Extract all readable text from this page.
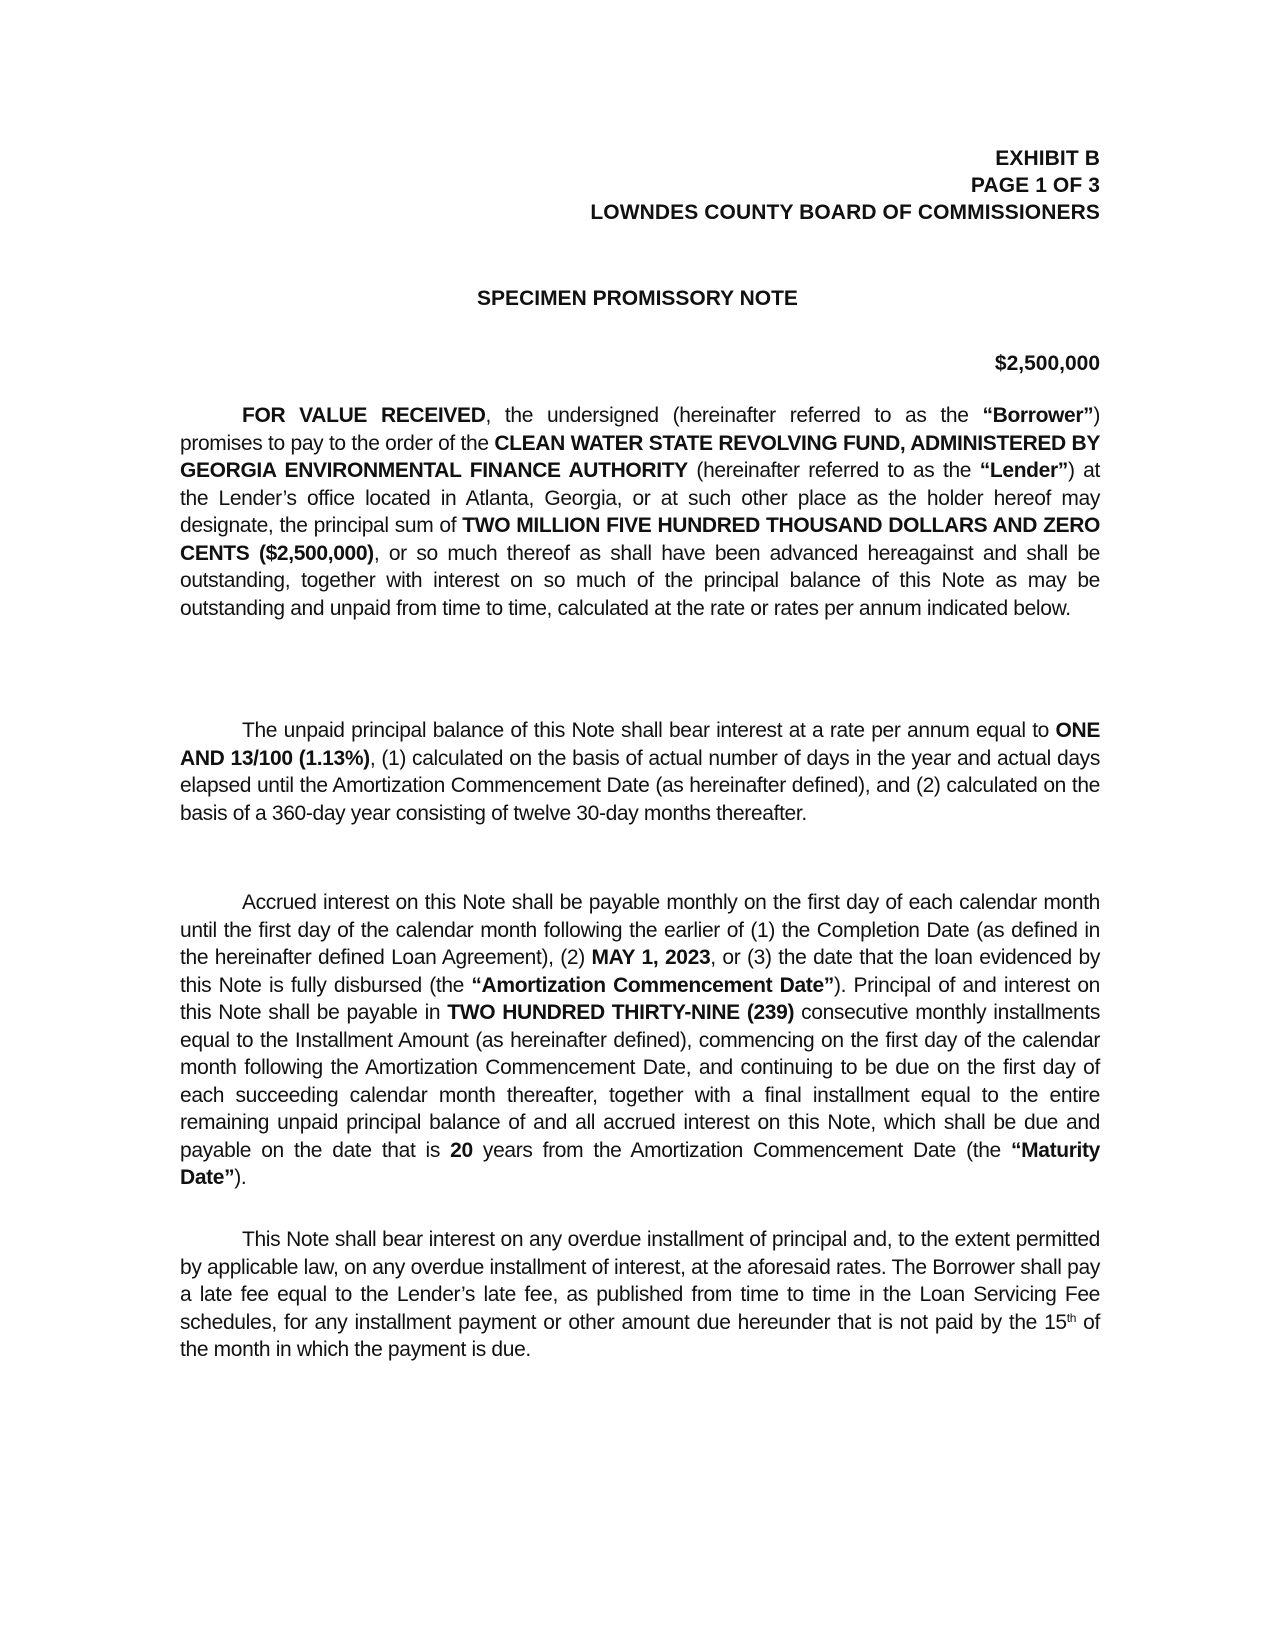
EXHIBIT B
PAGE 1 OF 3
LOWNDES COUNTY BOARD OF COMMISSIONERS
SPECIMEN PROMISSORY NOTE
$2,500,000

FOR VALUE RECEIVED, the undersigned (hereinafter referred to as the “Borrower”) promises to pay to the order of the CLEAN WATER STATE REVOLVING FUND, ADMINISTERED BY GEORGIA ENVIRONMENTAL FINANCE AUTHORITY (hereinafter referred to as the “Lender”) at the Lender’s office located in Atlanta, Georgia, or at such other place as the holder hereof may designate, the principal sum of TWO MILLION FIVE HUNDRED THOUSAND DOLLARS AND ZERO CENTS ($2,500,000), or so much thereof as shall have been advanced hereagainst and shall be outstanding, together with interest on so much of the principal balance of this Note as may be outstanding and unpaid from time to time, calculated at the rate or rates per annum indicated below.

The unpaid principal balance of this Note shall bear interest at a rate per annum equal to ONE AND 13/100 (1.13%), (1) calculated on the basis of actual number of days in the year and actual days elapsed until the Amortization Commencement Date (as hereinafter defined), and (2) calculated on the basis of a 360-day year consisting of twelve 30-day months thereafter.

Accrued interest on this Note shall be payable monthly on the first day of each calendar month until the first day of the calendar month following the earlier of (1) the Completion Date (as defined in the hereinafter defined Loan Agreement), (2) MAY 1, 2023, or (3) the date that the loan evidenced by this Note is fully disbursed (the “Amortization Commencement Date”). Principal of and interest on this Note shall be payable in TWO HUNDRED THIRTY-NINE (239) consecutive monthly installments equal to the Installment Amount (as hereinafter defined), commencing on the first day of the calendar month following the Amortization Commencement Date, and continuing to be due on the first day of each succeeding calendar month thereafter, together with a final installment equal to the entire remaining unpaid principal balance of and all accrued interest on this Note, which shall be due and payable on the date that is 20 years from the Amortization Commencement Date (the “Maturity Date”).

This Note shall bear interest on any overdue installment of principal and, to the extent permitted by applicable law, on any overdue installment of interest, at the aforesaid rates. The Borrower shall pay a late fee equal to the Lender’s late fee, as published from time to time in the Loan Servicing Fee schedules, for any installment payment or other amount due hereunder that is not paid by the 15th of the month in which the payment is due.
